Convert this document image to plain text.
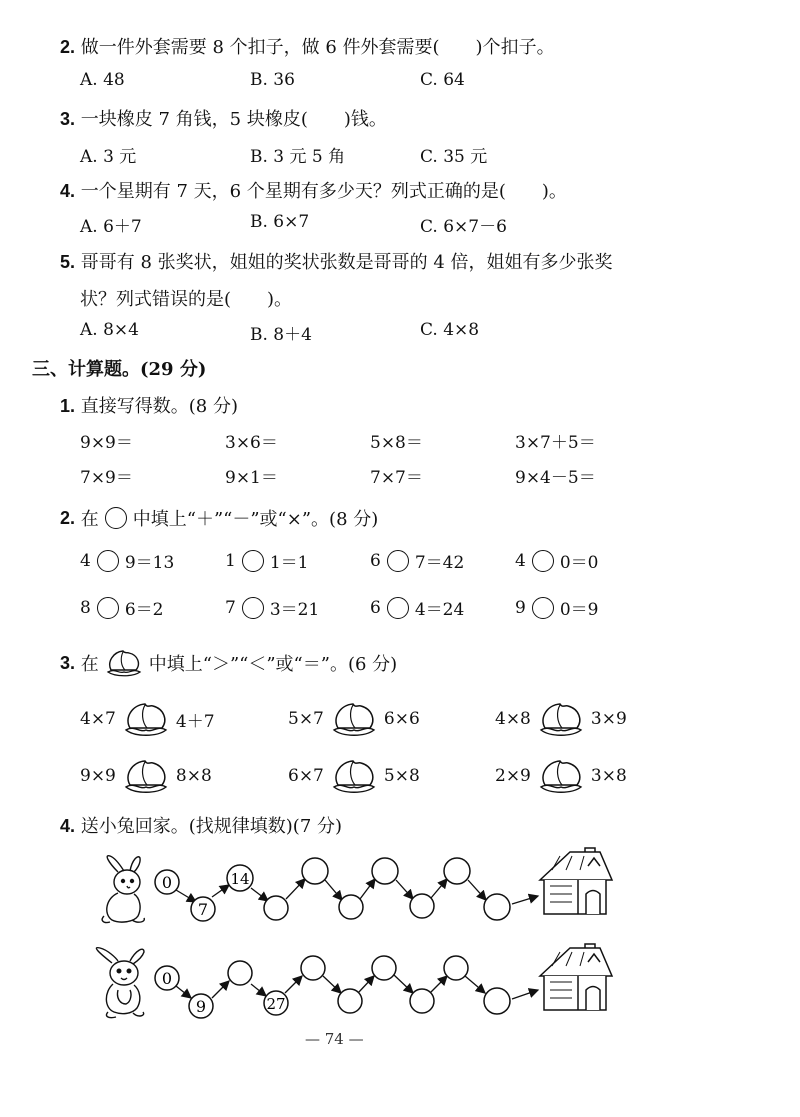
2. 做一件外套需要 8 个扣子，做 6 件外套需要(　　)个扣子。
A. 48	B. 36	C. 64
3. 一块橡皮 7 角钱，5 块橡皮(　　)钱。
A. 3 元	B. 3 元 5 角	C. 35 元
4. 一个星期有 7 天，6 个星期有多少天？列式正确的是(　　)。
A. 6＋7	B. 6×7	C. 6×7－6
5. 哥哥有 8 张奖状，姐姐的奖状张数是哥哥的 4 倍，姐姐有多少张奖
状？列式错误的是(　　)。
A. 8×4	B. 8＋4	C. 4×8
三、计算题。(29 分)
1. 直接写得数。(8 分)
9×9＝	3×6＝	5×8＝	3×7＋5＝
7×9＝	9×1＝	7×7＝	9×4－5＝
2.
在 中填上“＋”“－”或“×”。(8 分)
4 9＝13	1 1＝1	6 7＝42	4 0＝0
8 6＝2	7 3＝21	6 4＝24	9 0＝9
3.
在	中填上“＞”“＜”或“＝”。(6 分)
4×7	4＋7	5×7	6×6	4×8	3×9
9×9	8×8	6×7	5×8	2×9	3×8
4. 送小兔回家。(找规律填数)(7 分)
0
7
14
0
9	27
— 74 —
